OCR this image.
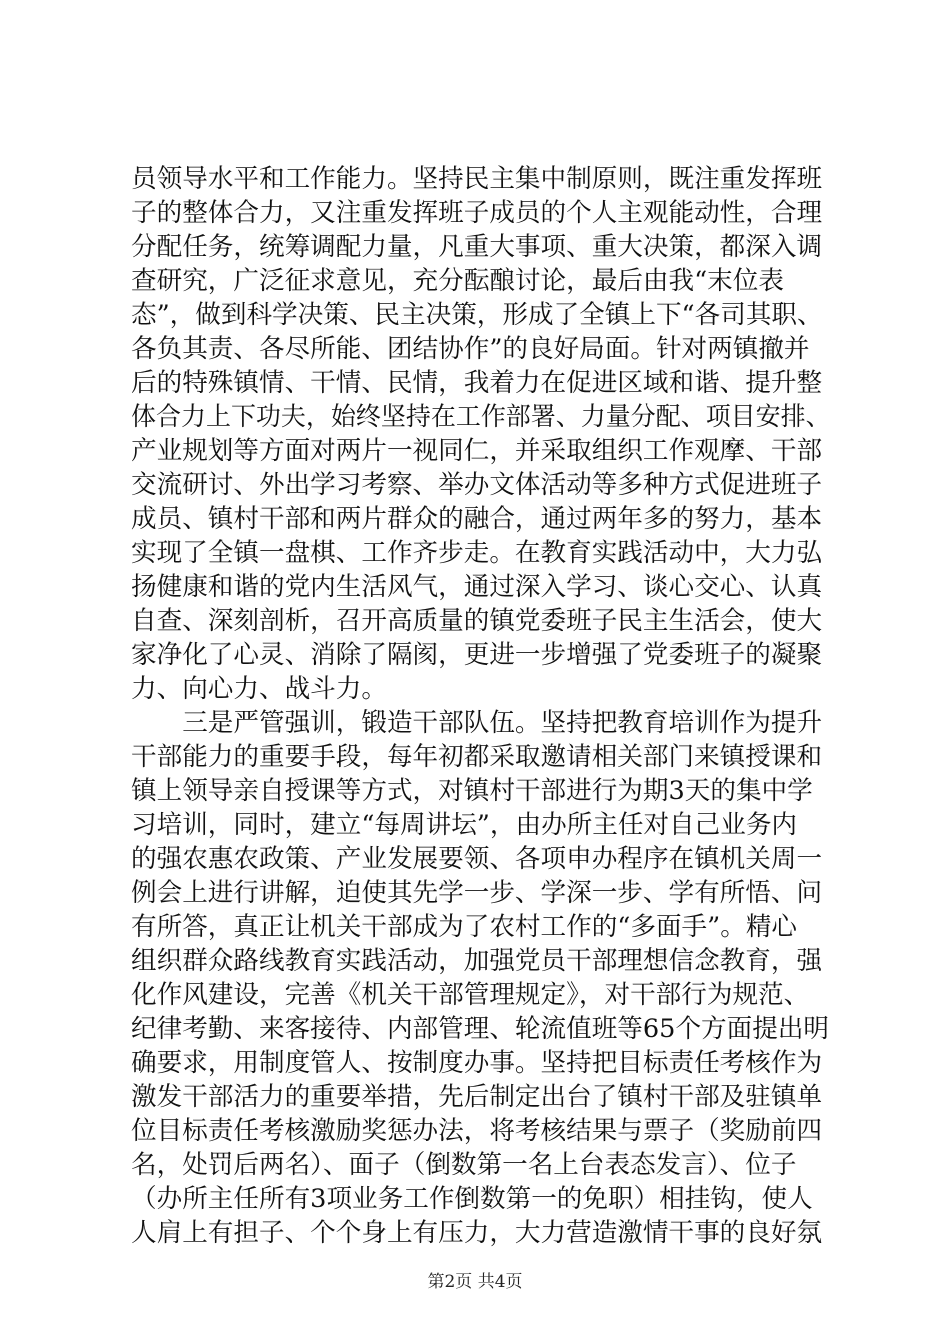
员领导水平和工作能力。坚持民主集中制原则，既注重发挥班
子的整体合力，又注重发挥班子成员的个人主观能动性，合理
分配任务，统筹调配力量，凡重大事项、重大决策，都深入调
查研究，广泛征求意见，充分酝酿讨论，最后由我“末位表
态”，做到科学决策、民主决策，形成了全镇上下“各司其职、
各负其责、各尽所能、团结协作”的良好局面。针对两镇撤并
后的特殊镇情、干情、民情，我着力在促进区域和谐、提升整
体合力上下功夫，始终坚持在工作部署、力量分配、项目安排、
产业规划等方面对两片一视同仁，并采取组织工作观摩、干部
交流研讨、外出学习考察、举办文体活动等多种方式促进班子
成员、镇村干部和两片群众的融合，通过两年多的努力，基本
实现了全镇一盘棋、工作齐步走。在教育实践活动中，大力弘
扬健康和谐的党内生活风气，通过深入学习、谈心交心、认真
自查、深刻剖析，召开高质量的镇党委班子民主生活会，使大
家净化了心灵、消除了隔阂，更进一步增强了党委班子的凝聚
力、向心力、战斗力。
　　三是严管强训，锻造干部队伍。坚持把教育培训作为提升
干部能力的重要手段，每年初都采取邀请相关部门来镇授课和
镇上领导亲自授课等方式，对镇村干部进行为期3天的集中学
习培训，同时，建立“每周讲坛”，由办所主任对自己业务内
的强农惠农政策、产业发展要领、各项申办程序在镇机关周一
例会上进行讲解，迫使其先学一步、学深一步、学有所悟、问
有所答，真正让机关干部成为了农村工作的“多面手”。精心
组织群众路线教育实践活动，加强党员干部理想信念教育，强
化作风建设，完善《机关干部管理规定》，对干部行为规范、
纪律考勤、来客接待、内部管理、轮流值班等65个方面提出明
确要求，用制度管人、按制度办事。坚持把目标责任考核作为
激发干部活力的重要举措，先后制定出台了镇村干部及驻镇单
位目标责任考核激励奖惩办法，将考核结果与票子（奖励前四
名，处罚后两名）、面子（倒数第一名上台表态发言）、位子
（办所主任所有3项业务工作倒数第一的免职）相挂钩，使人
人肩上有担子、个个身上有压力，大力营造激情干事的良好氛
第2页 共4页
